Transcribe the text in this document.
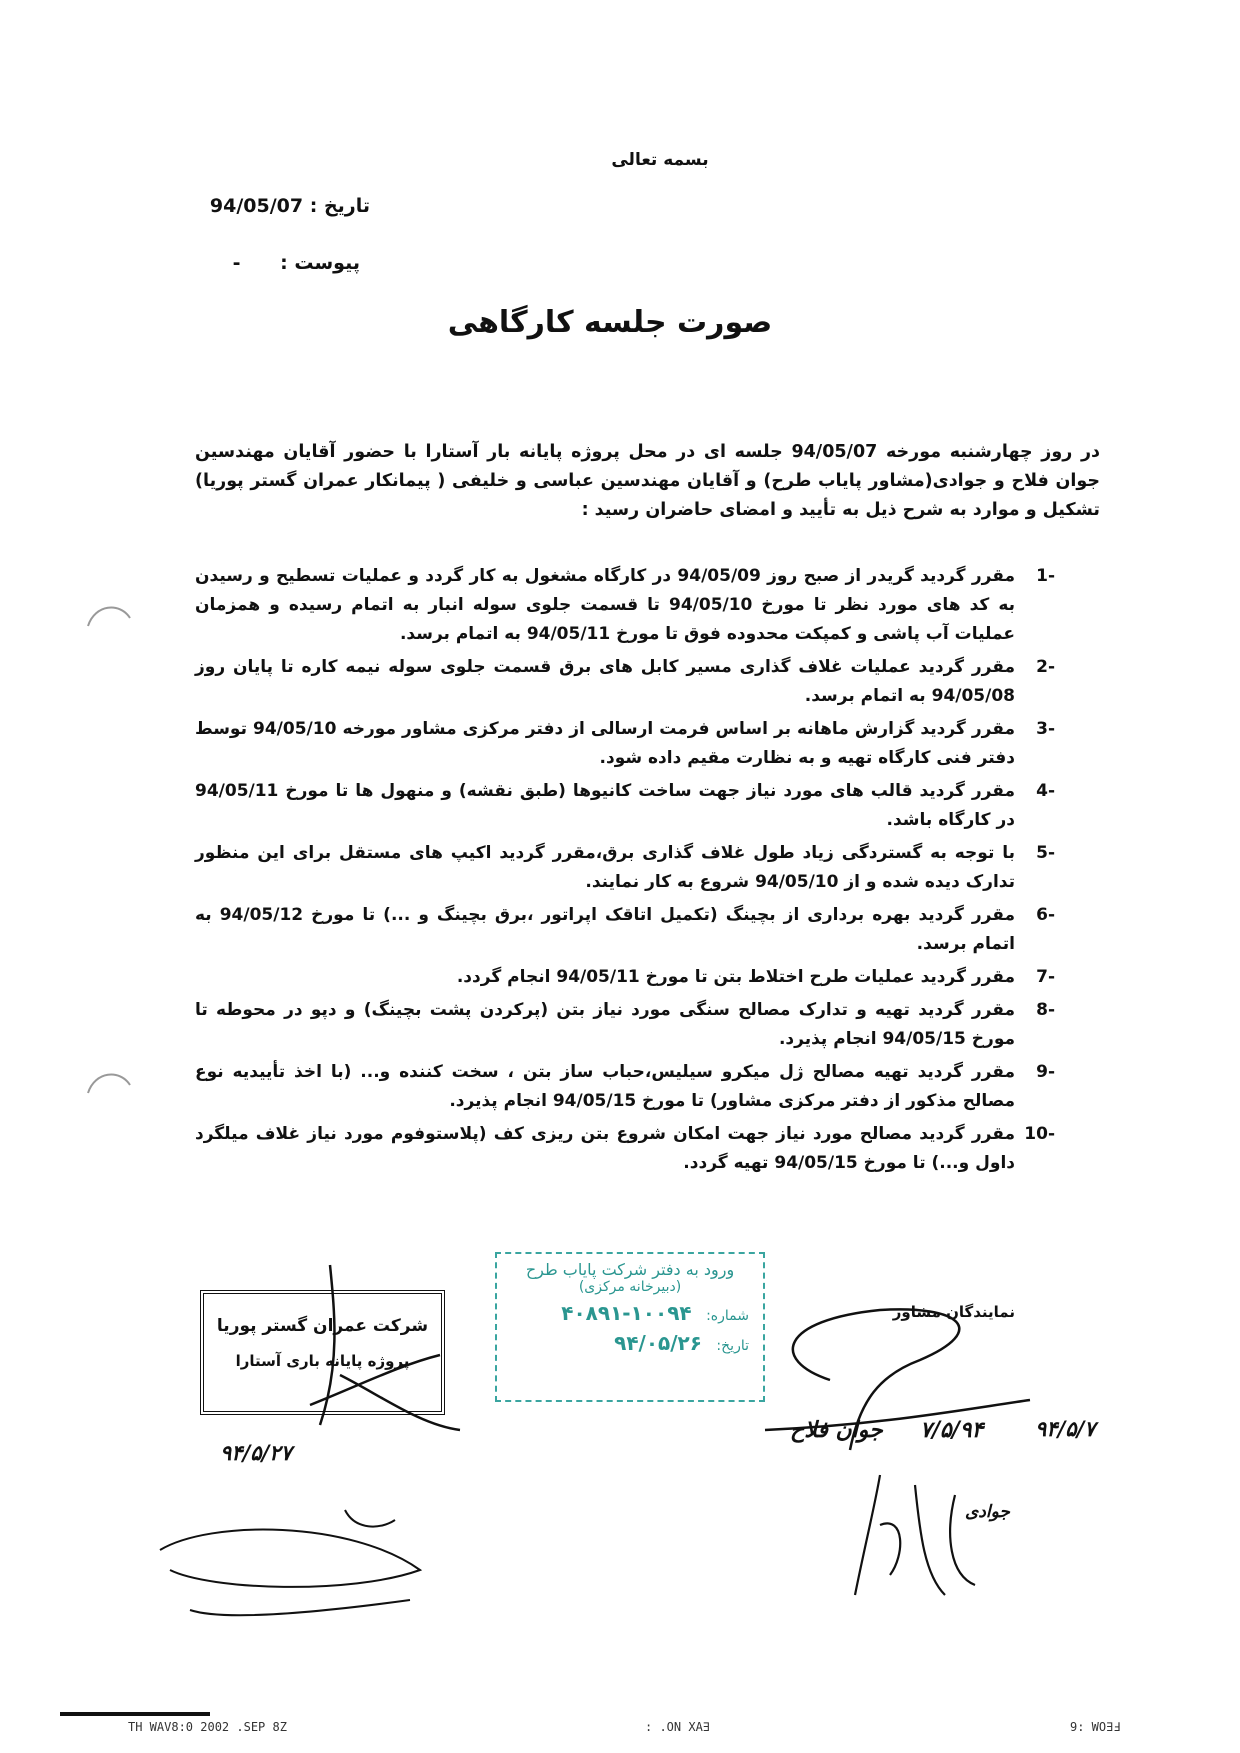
بسمه تعالی
تاریخ : 94/05/07
پیوست :      -
صورت جلسه کارگاهی
در روز چهارشنبه مورخه 94/05/07 جلسه ای در محل پروژه پایانه بار آستارا با حضور آقایان مهندسین جوان فلاح و جوادی(مشاور پایاب طرح) و آقایان مهندسین عباسی و خلیفی ( پیمانکار عمران گستر پوریا) تشکیل و موارد به شرح ذیل به تأیید و امضای حاضران رسید :
-1
مقرر گردید گریدر از صبح روز 94/05/09 در کارگاه مشغول به کار گردد و عملیات تسطیح و رسیدن به کد های مورد نظر تا مورخ 94/05/10 تا قسمت جلوی سوله انبار به اتمام رسیده و همزمان عملیات آب پاشی و کمپکت محدوده فوق تا مورخ 94/05/11 به اتمام برسد.
-2
مقرر گردید عملیات غلاف گذاری مسیر کابل های برق قسمت جلوی سوله نیمه کاره تا پایان روز 94/05/08 به اتمام برسد.
-3
مقرر گردید گزارش ماهانه بر اساس فرمت ارسالی از دفتر مرکزی مشاور مورخه 94/05/10 توسط دفتر فنی کارگاه تهیه و به نظارت مقیم داده شود.
-4
مقرر گردید قالب های مورد نیاز جهت ساخت کانیوها (طبق نقشه) و منهول ها تا مورخ 94/05/11 در کارگاه باشد.
-5
با توجه به گستردگی زیاد طول غلاف گذاری برق،مقرر گردید اکیپ های مستقل برای این منظور تدارک دیده شده و از 94/05/10 شروع به کار نمایند.
-6
مقرر گردید بهره برداری از بچینگ (تکمیل اتاقک اپراتور ،برق بچینگ و ...) تا مورخ 94/05/12 به اتمام برسد.
-7
مقرر گردید عملیات طرح اختلاط بتن تا مورخ 94/05/11 انجام گردد.
-8
مقرر گردید تهیه و تدارک مصالح سنگی مورد نیاز بتن (پرکردن پشت بچینگ) و دپو در محوطه تا مورخ 94/05/15 انجام پذیرد.
-9
مقرر گردید تهیه مصالح ژل میکرو سیلیس،حباب ساز بتن ، سخت کننده و... (با اخذ تأییدیه نوع مصالح مذکور از دفتر مرکزی مشاور) تا مورخ 94/05/15 انجام پذیرد.
-10
مقرر گردید مصالح مورد نیاز جهت امکان شروع بتن ریزی کف (پلاستوفوم مورد نیاز غلاف میلگرد داول و...) تا مورخ 94/05/15 تهیه گردد.
شرکت عمران گستر پوریا
پروژه پایانه باری آستارا
ورود به دفتر شرکت پایاب طرح
(دبیرخانه مرکزی)
شماره: ۱۰۰۹۴-۴۰۸۹۱
تاریخ: ۹۴/۰۵/۲۶
نمایندگان مشاور
۹۴/۵/۲۷
جوان فلاح ۷/۵/۹۴
جوادی
۹۴/۵/۷
TH WAV8:0 2002 .SEP 8Z	: .ON XA∃	9: WO∃Ⅎ
